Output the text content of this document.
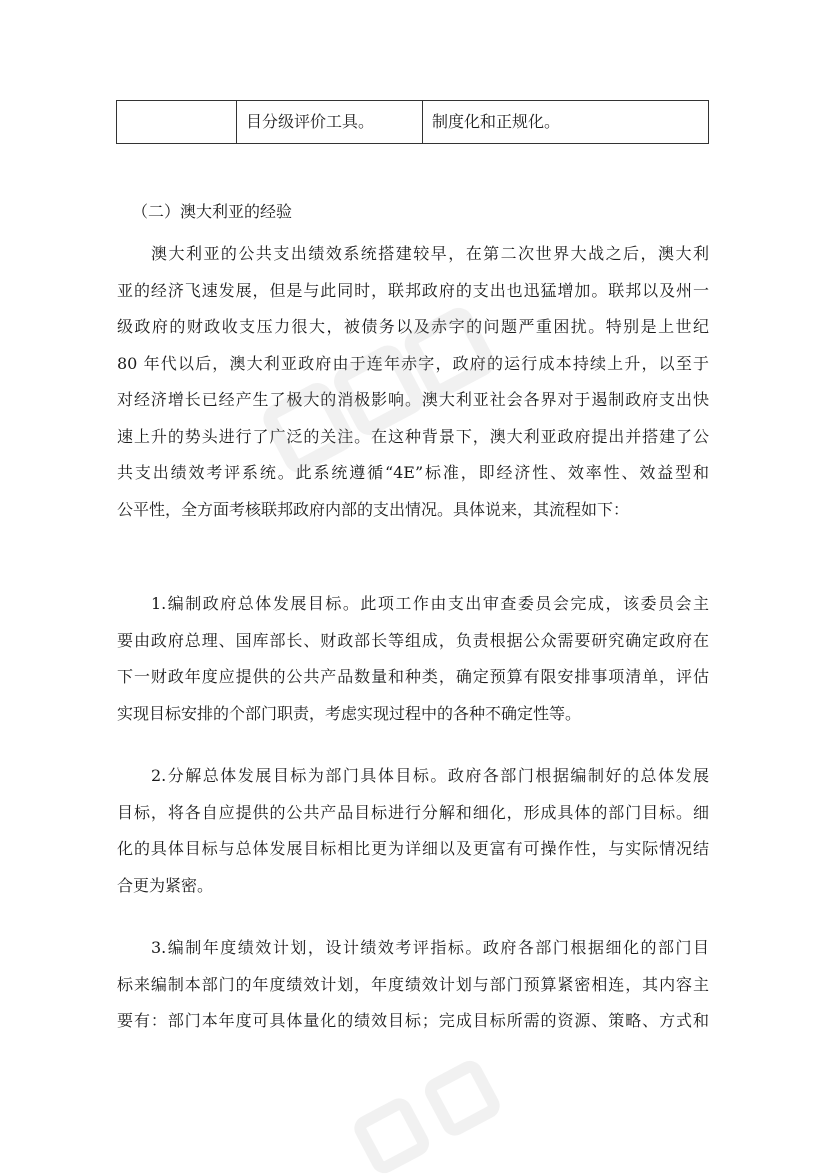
目分级评价工具。	制度化和正规化。
（二）澳大利亚的经验
澳大利亚的公共支出绩效系统搭建较早，在第二次世界大战之后，澳大利
亚的经济飞速发展，但是与此同时，联邦政府的支出也迅猛增加。联邦以及州一
级政府的财政收支压力很大，被债务以及赤字的问题严重困扰。特别是上世纪
80 年代以后，澳大利亚政府由于连年赤字，政府的运行成本持续上升，以至于
对经济增长已经产生了极大的消极影响。澳大利亚社会各界对于遏制政府支出快
速上升的势头进行了广泛的关注。在这种背景下，澳大利亚政府提出并搭建了公
共支出绩效考评系统。此系统遵循“4E”标准，即经济性、效率性、效益型和
公平性，全方面考核联邦政府内部的支出情况。具体说来，其流程如下：
1.编制政府总体发展目标。此项工作由支出审查委员会完成，该委员会主
要由政府总理、国库部长、财政部长等组成，负责根据公众需要研究确定政府在
下一财政年度应提供的公共产品数量和种类，确定预算有限安排事项清单，评估
实现目标安排的个部门职责，考虑实现过程中的各种不确定性等。
2.分解总体发展目标为部门具体目标。政府各部门根据编制好的总体发展
目标，将各自应提供的公共产品目标进行分解和细化，形成具体的部门目标。细
化的具体目标与总体发展目标相比更为详细以及更富有可操作性，与实际情况结
合更为紧密。
3.编制年度绩效计划，设计绩效考评指标。政府各部门根据细化的部门目
标来编制本部门的年度绩效计划，年度绩效计划与部门预算紧密相连，其内容主
要有：部门本年度可具体量化的绩效目标；完成目标所需的资源、策略、方式和
